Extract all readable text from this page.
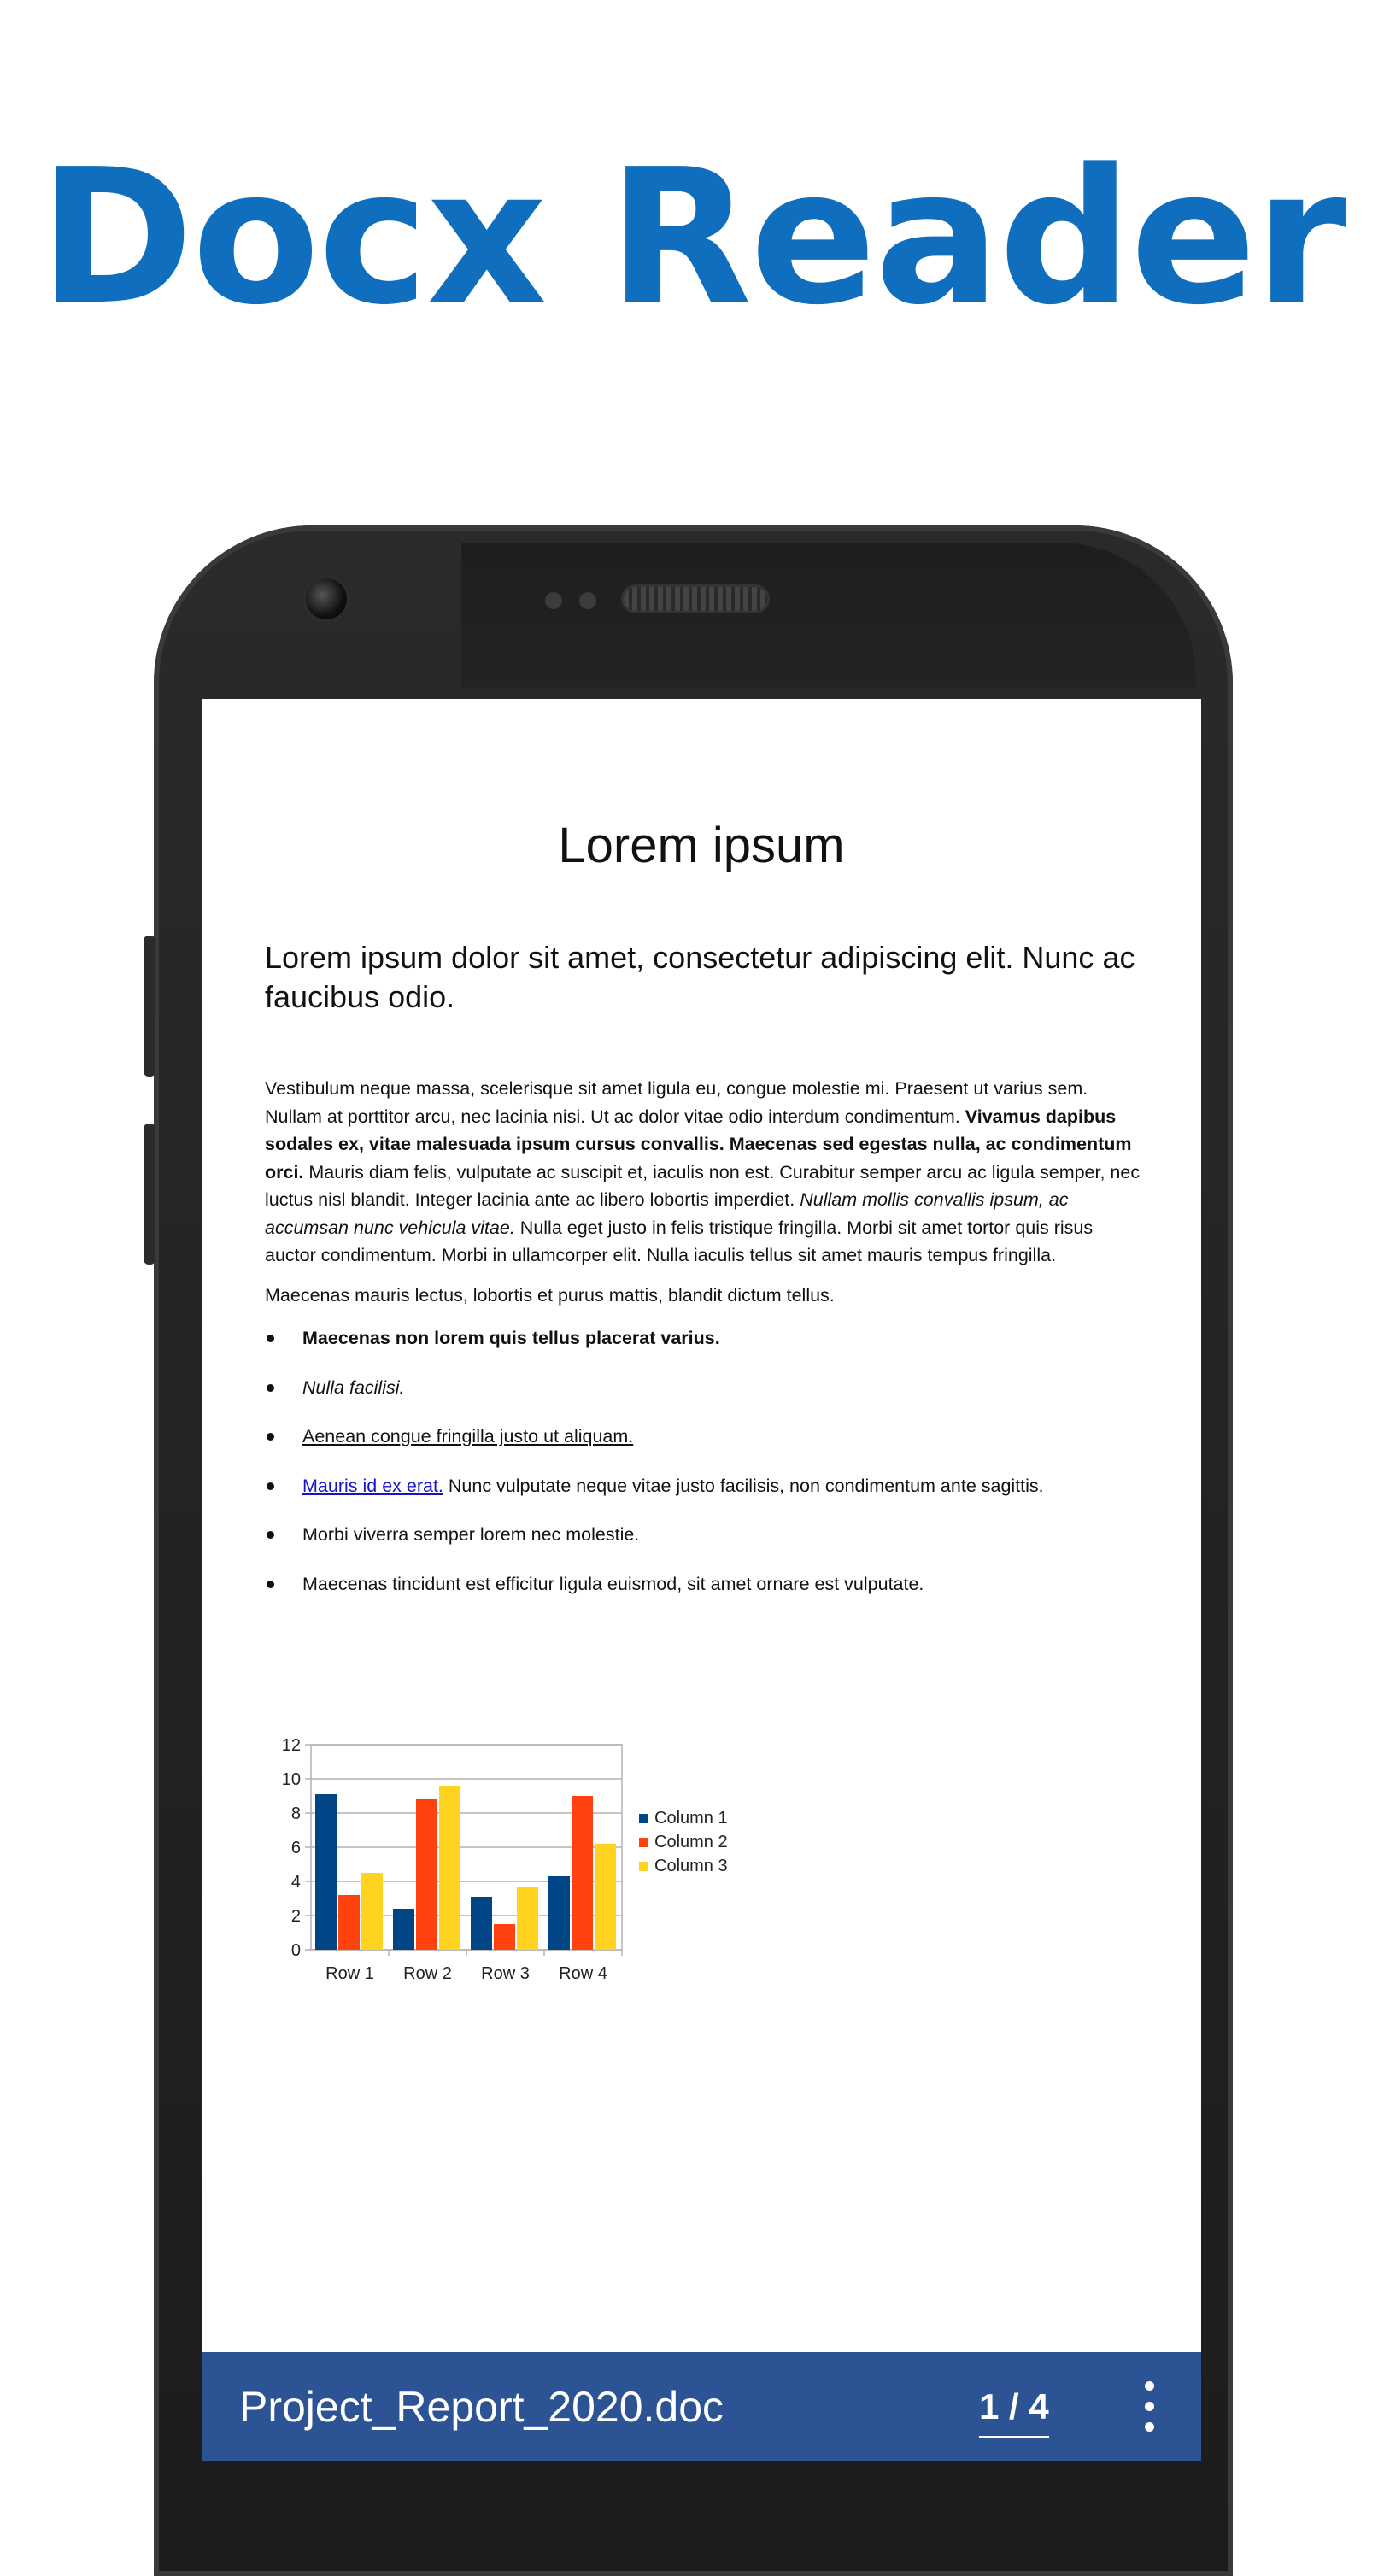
Docx Reader
Lorem ipsum
Lorem ipsum dolor sit amet, consectetur adipiscing elit. Nunc ac faucibus odio.
Vestibulum neque massa, scelerisque sit amet ligula eu, congue molestie mi. Praesent ut varius sem. Nullam at porttitor arcu, nec lacinia nisi. Ut ac dolor vitae odio interdum condimentum. Vivamus dapibus sodales ex, vitae malesuada ipsum cursus convallis. Maecenas sed egestas nulla, ac condimentum orci. Mauris diam felis, vulputate ac suscipit et, iaculis non est. Curabitur semper arcu ac ligula semper, nec luctus nisl blandit. Integer lacinia ante ac libero lobortis imperdiet. Nullam mollis convallis ipsum, ac accumsan nunc vehicula vitae. Nulla eget justo in felis tristique fringilla. Morbi sit amet tortor quis risus auctor condimentum. Morbi in ullamcorper elit. Nulla iaculis tellus sit amet mauris tempus fringilla.
Maecenas mauris lectus, lobortis et purus mattis, blandit dictum tellus.
Maecenas non lorem quis tellus placerat varius.
Nulla facilisi.
Aenean congue fringilla justo ut aliquam.
Mauris id ex erat. Nunc vulputate neque vitae justo facilisis, non condimentum ante sagittis.
Morbi viverra semper lorem nec molestie.
Maecenas tincidunt est efficitur ligula euismod, sit amet ornare est vulputate.
0
2
4
6
8
10
12
Row 1 Row 2 Row 3 Row 4
Column 1
Column 2
Column 3
Project_Report_2020.doc	1 / 4
